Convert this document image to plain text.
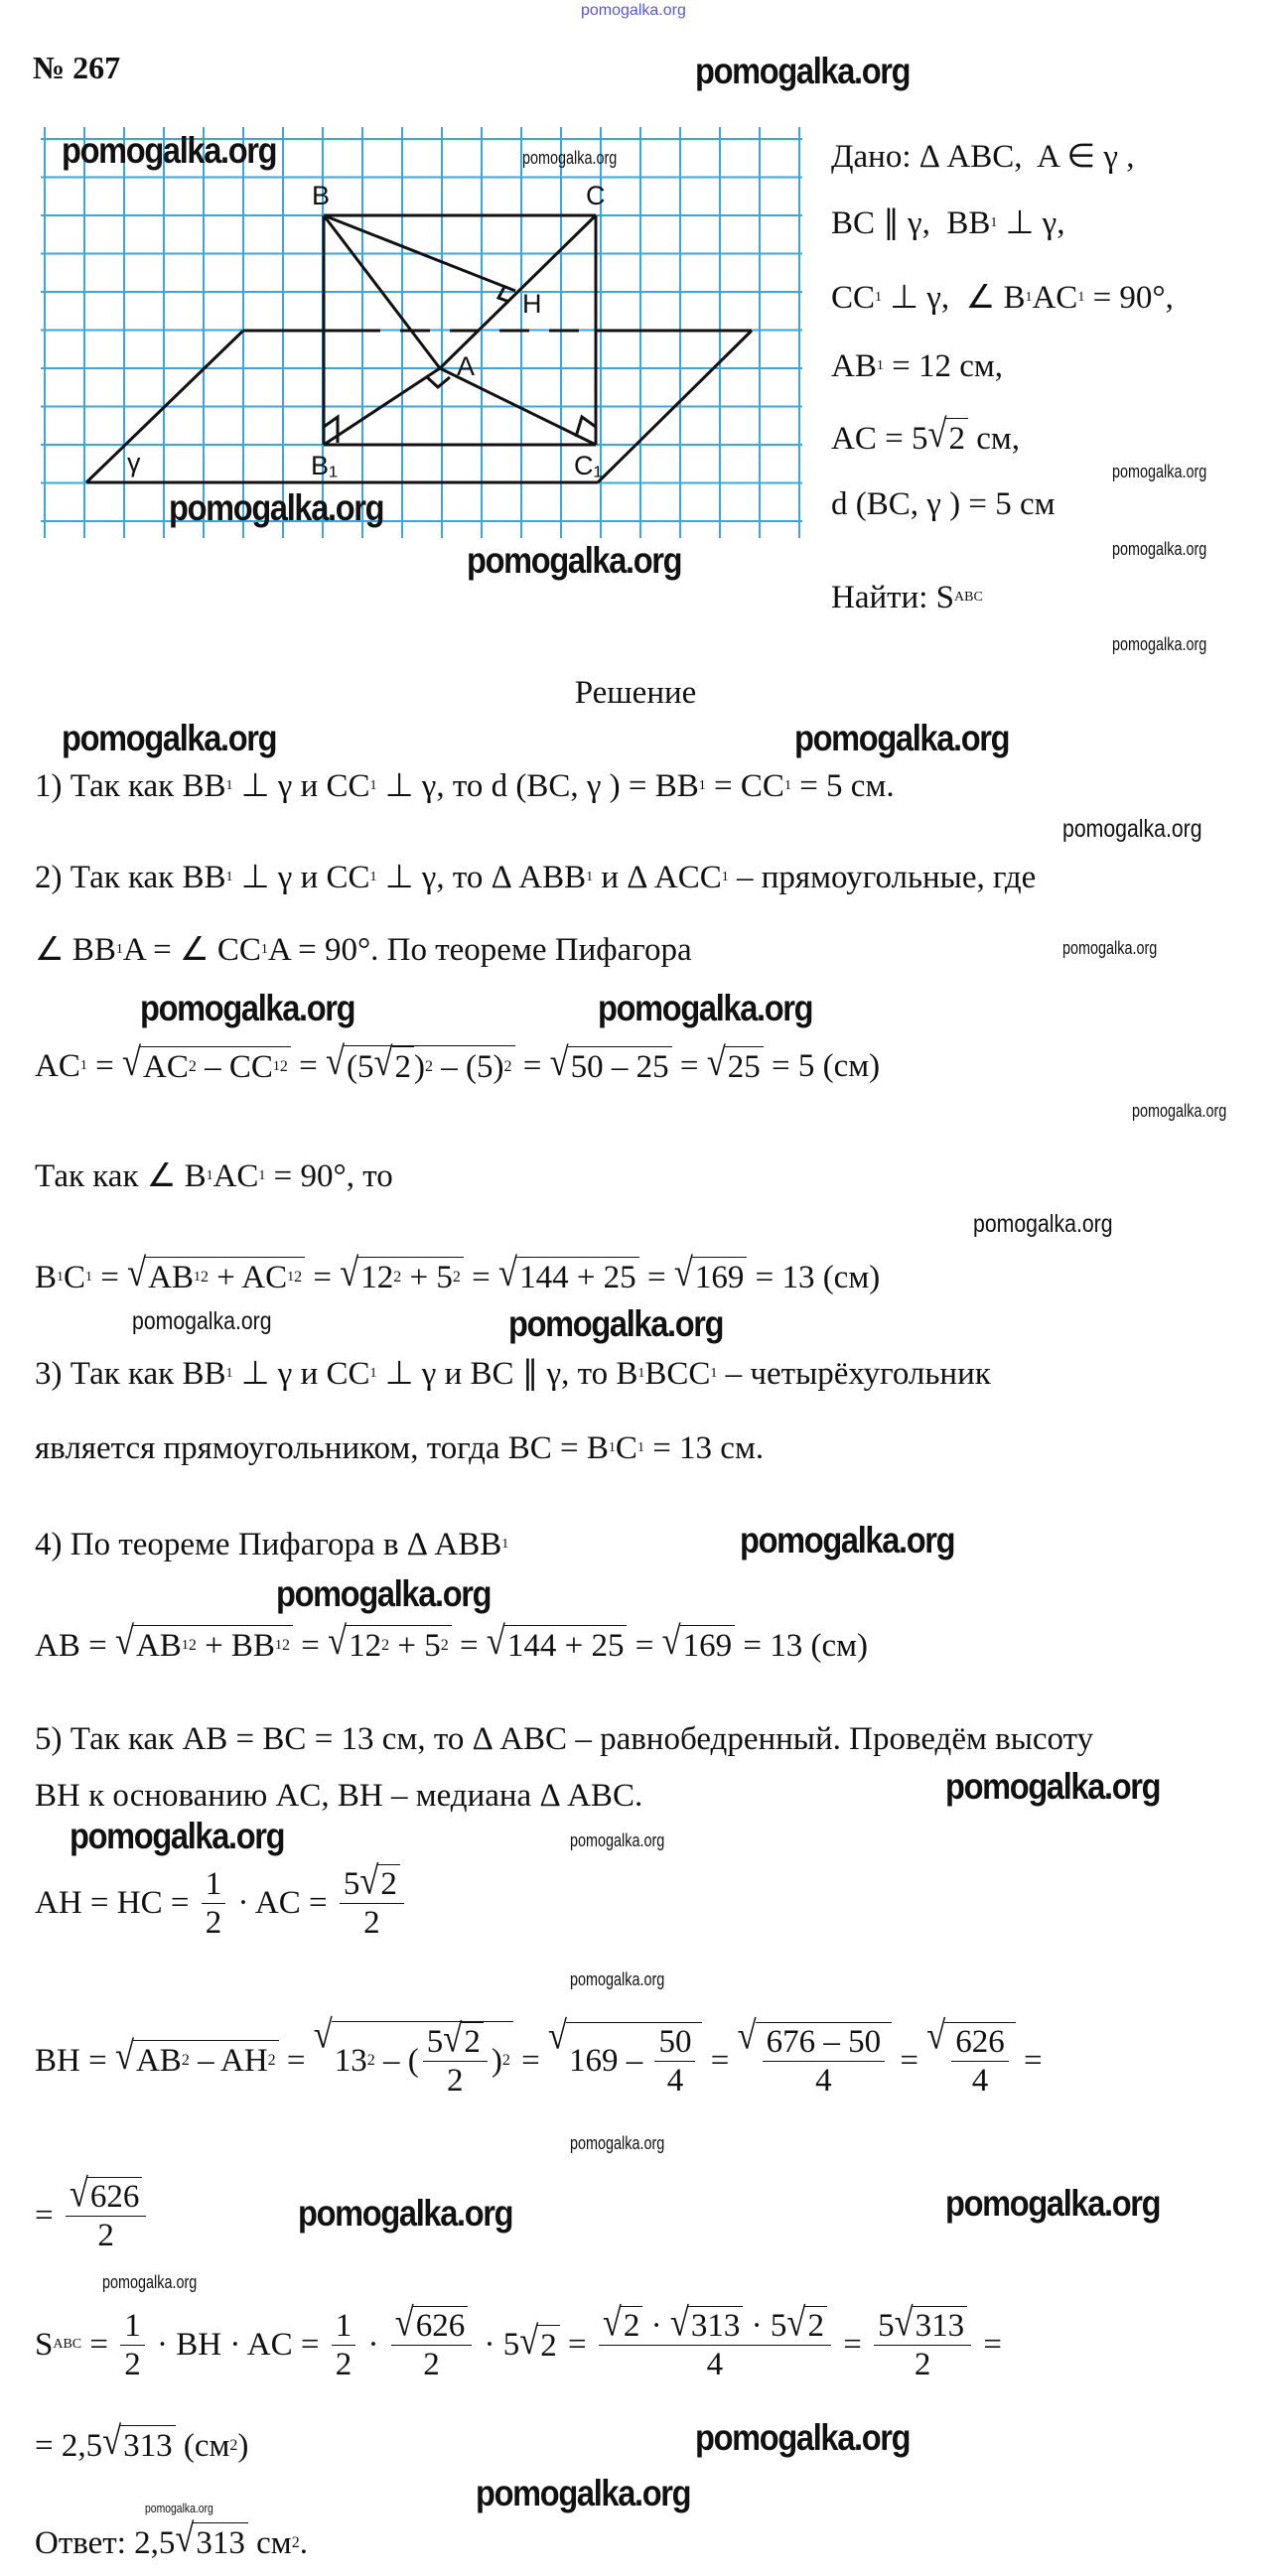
pomogalka.org
№ 267
B	C
H
A
B₁	C₁
γ
Дано: Δ ABC,  A ∈ γ ,
BC ∥ γ,  BB 1 ⊥ γ,
CC 1 ⊥ γ,  ∠ B 1 AC 1 = 90°,
AB 1 = 12 см,
AC = 5 √ 2 см,
d (BC, γ ) = 5 см
Найти: S ABC
Решение
1) Так как BB 1 ⊥ γ и CC 1 ⊥ γ, то d (BC, γ ) = BB 1 = CC 1 = 5 см.
2) Так как BB 1 ⊥ γ и CC 1 ⊥ γ, то Δ ABB 1 и Δ ACC 1 – прямоугольные, где
∠ BB 1 A = ∠ CC 1 A = 90°. По теореме Пифагора
AC 1 = √ AC 2 – CC 1 2 = √ (5 √ 2 ) 2 – (5) 2 = √ 50 – 25 = √ 25 = 5 (см)
Так как ∠ B 1 AC 1 = 90°, то
B 1 C 1 = √ AB 1 2 + AC 1 2 = √ 12 2 + 5 2 = √ 144 + 25 = √ 169 = 13 (см)
3) Так как BB 1 ⊥ γ и CC 1 ⊥ γ и BC ∥ γ, то B 1 BCC 1 – четырёхугольник
является прямоугольником, тогда BC = B 1 C 1 = 13 см.
4) По теореме Пифагора в Δ ABB 1
AB = √ AB 1 2 + BB 1 2 = √ 12 2 + 5 2 = √ 144 + 25 = √ 169 = 13 (см)
5) Так как AB = BC = 13 см, то Δ ABC – равнобедренный. Проведём высоту
BH к основанию AC, BH – медиана Δ ABC.
AH = HC = $\frac{1}{2}$ · AC = $\frac{5 √ 2}{2}$
BH = √ AB 2 – AH 2 =
√
13 2 – ( $\frac{5 √ 2}{2}$ ) 2 =
√
$169 - \frac{50}{4}$ =
√ $\frac{676 - 50}{4}$ =
√ $\frac{626}{4}$ =
= $\frac{√ 626}{2}$
S ABC = $\frac{1}{2}$ · BH · AC = $\frac{1}{2} \cdot \frac{√ 626}{2} \cdot 5$ √ $2 = \frac{√ 2 \cdot √ 313 \cdot 5 √ 2}{4} = \frac{5 √ 313}{2}$ =
= 2,5 √ 313 (см 2 )
Ответ: 2,5 √ 313 см 2 .
pomogalka.org	pomogalka.org
pomogalka.org
pomogalka.org
pomogalka.org
pomogalka.org
pomogalka.org
pomogalka.org
pomogalka.org	pomogalka.org
pomogalka.org
pomogalka.org
pomogalka.org	pomogalka.org
pomogalka.org
pomogalka.org
pomogalka.org
pomogalka.org
pomogalka.org
pomogalka.org
pomogalka.org
pomogalka.org	pomogalka.org
pomogalka.org
pomogalka.org	pomogalka.org
pomogalka.org
pomogalka.org
pomogalka.org
pomogalka.org
pomogalka.org
